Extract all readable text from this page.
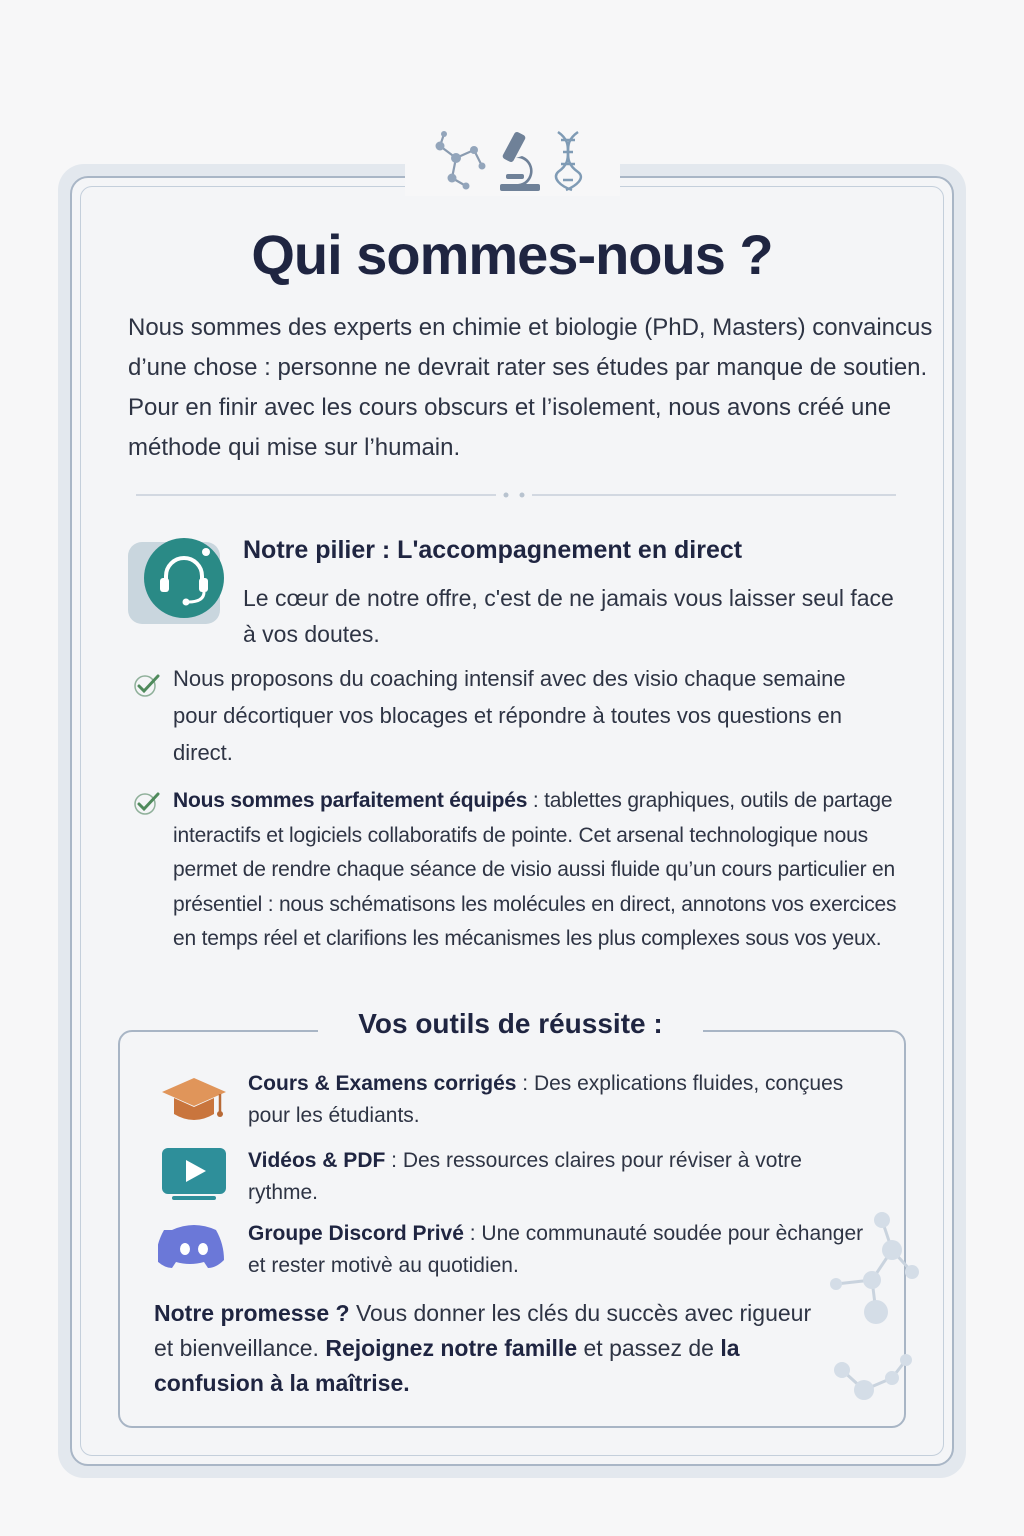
Qui sommes-nous ?

Nous sommes des experts en chimie et biologie (PhD, Masters) convaincus d’une chose : personne ne devrait rater ses études par manque de soutien. Pour en finir avec les cours obscurs et l’isolement, nous avons créé une méthode qui mise sur l’humain.

Notre pilier : L'accompagnement en direct

Le cœur de notre offre, c'est de ne jamais vous laisser seul face à vos doutes.

Nous proposons du coaching intensif avec des visio chaque semaine pour décortiquer vos blocages et répondre à toutes vos questions en direct.

Nous sommes parfaitement équipés : tablettes graphiques, outils de partage interactifs et logiciels collaboratifs de pointe. Cet arsenal technologique nous permet de rendre chaque séance de visio aussi fluide qu’un cours particulier en présentiel : nous schématisons les molécules en direct, annotons vos exercices en temps réel et clarifions les mécanismes les plus complexes sous vos yeux.

Vos outils de réussite :

Cours & Examens corrigés : Des explications fluides, conçues pour les étudiants.

Vidéos & PDF : Des ressources claires pour réviser à votre rythme.

Groupe Discord Privé : Une communauté soudée pour èchanger et rester motivè au quotidien.

Notre promesse ? Vous donner les clés du succès avec rigueur et bienveillance. Rejoignez notre famille et passez de la confusion à la maîtrise.
